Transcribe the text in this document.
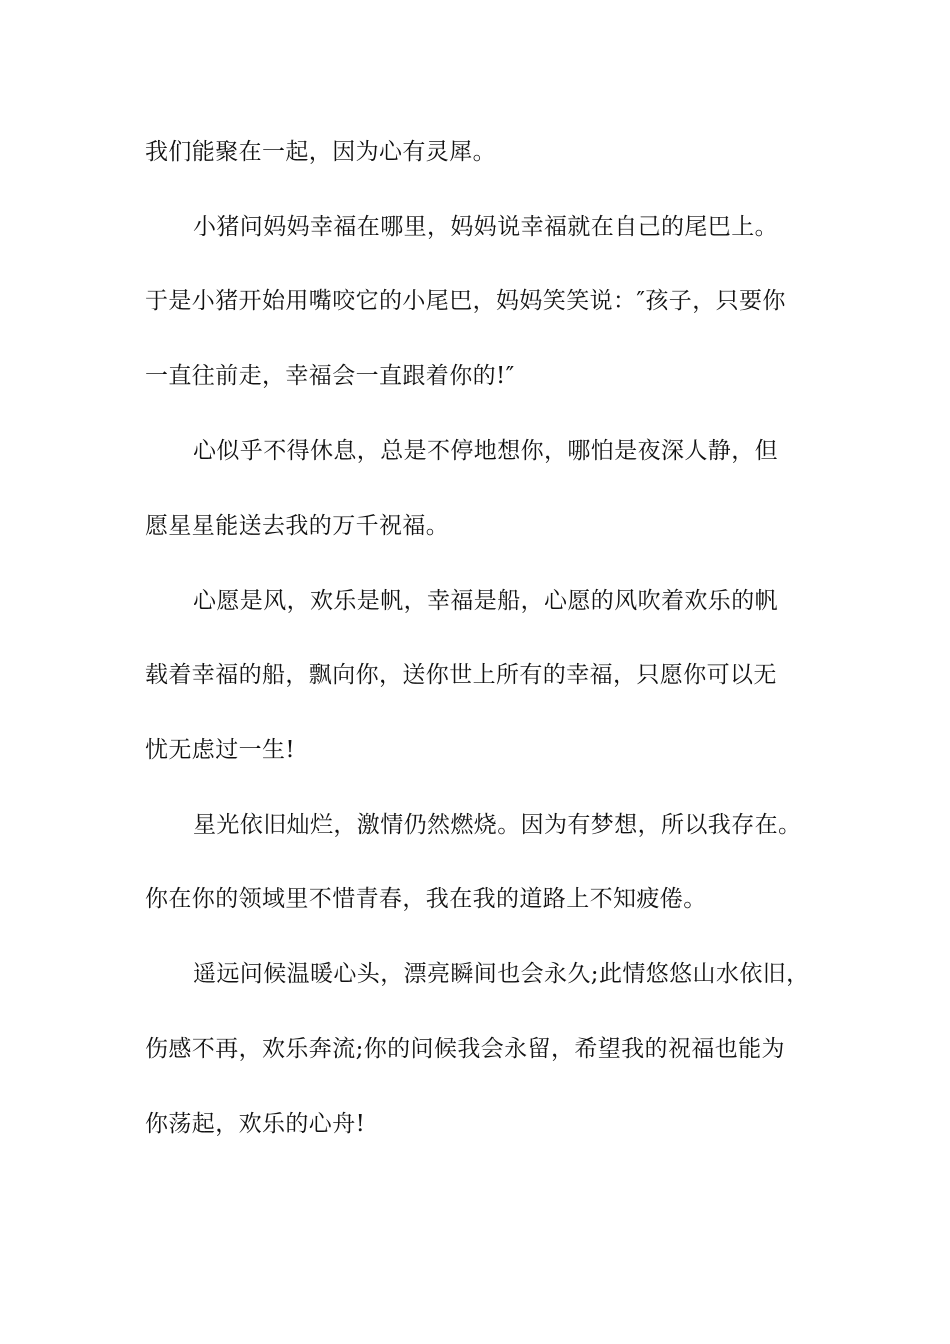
我们能聚在一起，因为心有灵犀。
小猪问妈妈幸福在哪里，妈妈说幸福就在自己的尾巴上。
于是小猪开始用嘴咬它的小尾巴，妈妈笑笑说：″孩子，只要你
一直往前走，幸福会一直跟着你的!″
心似乎不得休息，总是不停地想你，哪怕是夜深人静，但
愿星星能送去我的万千祝福。
心愿是风，欢乐是帆，幸福是船，心愿的风吹着欢乐的帆
载着幸福的船，飘向你，送你世上所有的幸福，只愿你可以无
忧无虑过一生!
星光依旧灿烂，激情仍然燃烧。因为有梦想，所以我存在。
你在你的领域里不惜青春，我在我的道路上不知疲倦。
遥远问候温暖心头，漂亮瞬间也会永久;此情悠悠山水依旧，
伤感不再，欢乐奔流;你的问候我会永留，希望我的祝福也能为
你荡起，欢乐的心舟!
